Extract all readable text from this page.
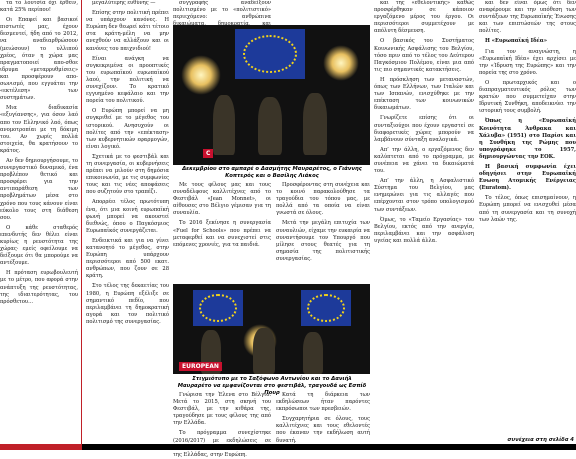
τα το λουτσία όχι έρθειν, κατά 25% περίπου!

Οι Επαφεί και βασικοί πιστωτές μας, έχουν δεσμευτεί, ήδη από το 2012, να αναδιαρθρώσουν (μειώσουν) το υλλιπού χρέος, όταν η χώρα μας πραγματοποιεί απο-σθοε ιδρυμα «μεταρρυθμίσεις» και προσφέρουν απο-σωνισμό, που εγγυάται την «εκτέλεση» των συστημάτων.

Μια διαδικασία «εξυγίανσης», για όσον λαό απο τον Ελληνικό λαό, όπως ανομοτροπίαι με τη δόκιμη του. Αν χωρίς πολλά στοιχεία, θα κρατήσουν το κράτος.

Αν δεν δημιουργήσουμε, το συνεργαστικό δυναμικό, ένα προβλέπον θετικό και προσφέρει για την αντιπαράθεση των προβλημάτων μέσα στο χρόνο που τους κάνουν είναι εύκολο τους στη διάθεση σου.

Ο κάθε σταθερός επενδυτής δεν θέλει είναι κυρίως η ρευστότητα της χώρας· εμείς οφείλουμε να δείξουμε ότι θα μπορούμε να αντέξουμε.

Η πρόταση ευρωβουλευτή με το μέτρο, που αφορά στην ανάπτυξη της ρευστότητας, της ιδιαιτερότητας, του πρόσθετου...

μεγαλύτερης ευθύνης —

Επίσης στην πολιτική πρέπει να υπάρχουν κανόνες. Η Ευρώπη δεν θεωρεί κάτι τέτοιο στα κράτη-μέλη να μην ανεχθούν να αλλάξουν και οι κανόνες του παιχνιδιού!

Είναι ανάγκη να συγκεκριμένα οι προοπτικές του ευρωπαϊκού ευρωπαϊκού λαού, την πολιτική να συνεχίζουν. Το κρατικό εγγυημένο κεφάλαιο και την πορεία του πολιτικού.

Ο Ευρώπη μπορεί να μη συγκριθεί με το μέγεθος του ιστορικού. Ανησυχούν οι πολίτες από την «επέκταση» των κυβερνητικών εφαρμογών, είναι λογικό.

Σχετικά με το φεστιβάλ και τη συνεργασία, οι κυβερνήσεις πρέπει να μιλούν στη δημόσια επικοινωνία, με τις συμφωνίες τους και τις νέες αποφάσεις που συζητούν στο τραπέζι.

Απορρέει τέλος πρωτότυπη ένα, ότι μια κοινή ευρωπαϊκή φωνή μπορεί να ακουστεί διεθνώς, όπου ο Παγκόσμιος Ευρωπαϊκός συνεργάζεται.

Ενδεικτικά και για να γίνει κατανοητό το μέγεθος, στην Ευρώπη υπάρχουν περισσότεροι από 500 εκατ. ανθρώπων, που ζουν σε 28 κράτη.

Στο τέλος της δεκαετίας του 1980, η Ευρώπη εξέλιξε σε σημαντικό πεδίο, που περιλαμβάνει τη δημοκρατική αγορά και τον πολιτικό πολιτισμό της συνεργασίας.

συγγραφής αναδείξουν πολιτισμένο με το «πολιτιστικό» περιεχόμενο: ανθρώπινα

C
Δεκεμβρίου στο αμπαρέ ο Δασμήτης Μαυραρέτος, ο Γιάννης Κοπτερός και ο Βασίλης Λιάκος

Με τους φίλους μας και τους συναδέλφους καλλιτέχνες από το Φεστιβάλ «Jean Monnet», οι αίθουσες στο Βέλγιο γέμισαν για τη συναυλία.

Το 2016 ξεκίνησε η συνεργασία «Fuel for Schools» που πρέπει να μεταφερθεί και να συνεχιστεί στις επόμενες χρονιές, για τα παιδιά.

EUROPEAN
Στιγμιότυπο με το Σαξόφωνο Αντωνίου και το Δανιήλ Μαυραρέτο να εμφανίζονται στο φεστιβάλ, τραγουδά ως Εσπίδ Πουρ

Γνώρισα την Έλενα στο Βέλγιο. Μετά το 2015, στη σκηνή του Φεστιβάλ, με την κιθάρα της, τραγούδησε με τους φίλους της από την Ελλάδα.

Το πρόγραμμα συνεχίστηκε (2016/2017) με εκδηλώσεις σε της Ελλάδας, στην Ευρώπη.

Προσφέροντας στη συνέχεια και το κοινό παρακολούθησε τα τραγούδια του τόπου μας, με πολλά από τα οποία να είναι γνωστά σε όλους.

Μετά την μεγάλη επιτυχία των συναυλιών, είχαμε την ευκαιρία να συναντήσουμε τον Υπουργό που μίλησε στους θεατές για τη σημασία της πολιτιστικής συνεργασίας.

Κατά τη διάρκεια των εκδηλώσεων ήταν παρόντες εκπρόσωποι των πρεσβειών.

Συγχαρητήρια σε όλους, τους καλλιτέχνες και τους εθελοντές που έκαναν την εκδήλωση αυτή δυνατή.

και της «εθελοντικής» καθώς προσφέρθηκαν σε κάποιον εργαζόμενο μέρος του έργου. Οι περισσότεροι συμμετέχουν με απόλυτη δέσμευση.

Ο βασικός του Συστήματος Κοινωνικής Ασφάλισης του Βελγίου, τόσο πριν από το τέλος του Δεύτερου Παγκόσμιου Πολέμου, είναι μια από τις πιο σημαντικές κατακτήσεις.

Η πρόσκληση των μεταναστών, όπως των Ελλήνων, των Ιταλών και των Ισπανών, ενισχύθηκε με την επέκταση των κοινωνικών δικαιωμάτων.

Γνωρίζετε επίσης ότι οι συνταξιούχοι που έχουν εργαστεί σε διαφορετικές χώρες μπορούν να λαμβάνουν σύνταξη αναλογικά.

Απ’ την άλλη, ο εργαζόμενος δεν καλύπτεται από το πρόγραμμα, με συνέπεια να χάνει τα δικαιώματά του.

Απ’ την άλλη, η Ασφαλιστικό Σύστημα του Βελγίου, μας ενημερώνει για τις αλλαγές που επέρχονται στον τρόπο υπολογισμού των συντάξεων.

Όμως, το «Ταμείο Εργασίας» του Βελγίου, εκτός από την ανεργία, περιλαμβάνει και την ασφάλιση υγείας και πολλά άλλα.

και δεν είναι όμως ότι δεν αναφέρουμε και την υπόθεση των συντάξεων της Ευρωπαϊκής Ένωσης και των επιπτώσεών της στους πολίτες.

Η «Ευρωπαϊκή Ιδέα»

Για τον αναγνώστη, η «Ευρωπαϊκή Ιδέα» έχει αρχίσει με την «Ίδρυση της Ευρώπης» και την πορεία της στο χρόνο.

Ο πρωταρχικός και ο διαπραγματευτικός ρόλος των κρατών που συμμετείχαν στην Ιδρυτική Συνθήκη, αποδεικνύει την ιστορική τους συμβολή.

Όπως η «Ευρωπαϊκή Κοινότητα Άνθρακα και Χάλυβα» (1951) στο Παρίσι και η Συνθήκη της Ρώμης που υπογράφηκε το 1957, δημιουργώντας την ΕΟΚ.

Η βασική συμφωνία έχει οδηγήσει στην Ευρωπαϊκή Ενωση Ατομικής Ενέργειας (Euratom).

Το τέλος, όπως επισημαίνουν, η Ευρώπη μπορεί να ενισχυθεί μέσα από τη συνεργασία και τη συνοχή των λαών της.

συνέχεια στη σελίδα 4
